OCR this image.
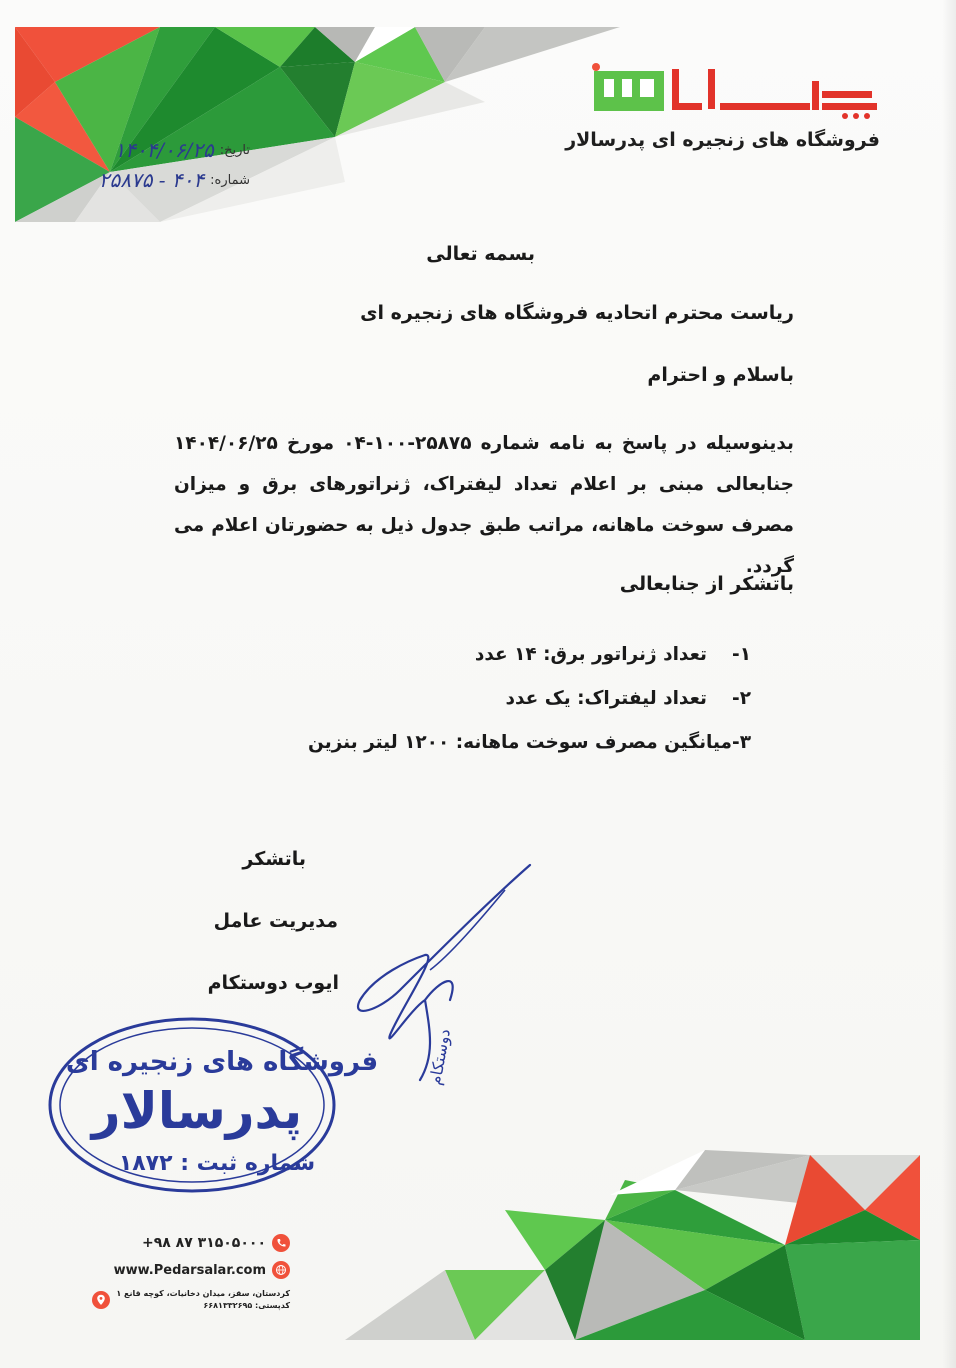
فروشگاه های زنجیره ای پدرسالار
تاریخ:
۱۴۰۴/۰۶/۲۵
شماره:
۲۵۸۷۵ - ۴۰۴
بسمه تعالی
ریاست محترم اتحادیه فروشگاه های زنجیره ای
باسلام و احترام
بدینوسیله در پاسخ به نامه شماره ۲۵۸۷۵-۱۰۰-۰۴ مورخ ۱۴۰۴/۰۶/۲۵ جنابعالی مبنی بر اعلام تعداد لیفتراک، ژنراتورهای برق و میزان مصرف سوخت ماهانه، مراتب طبق جدول ذیل به حضورتان اعلام می گردد.
باتشکر از جنابعالی
۱-
تعداد ژنراتور برق: ۱۴ عدد
۲-
تعداد لیفتراک: یک عدد
۳-
میانگین مصرف سوخت ماهانه: ۱۲۰۰ لیتر بنزین
باتشکر
مدیریت عامل
ایوب دوستکام
فروشگاه های زنجیره ای
پدرسالار
شماره ثبت : ۱۸۷۲
دوستکام
+۹۸ ۸۷ ۳۱۵۰۵۰۰۰
www.Pedarsalar.com
کردستان، سقز، میدان دخانیات، کوچه قانع ۱
کدپستی: ۶۶۸۱۳۳۲۶۹۵
